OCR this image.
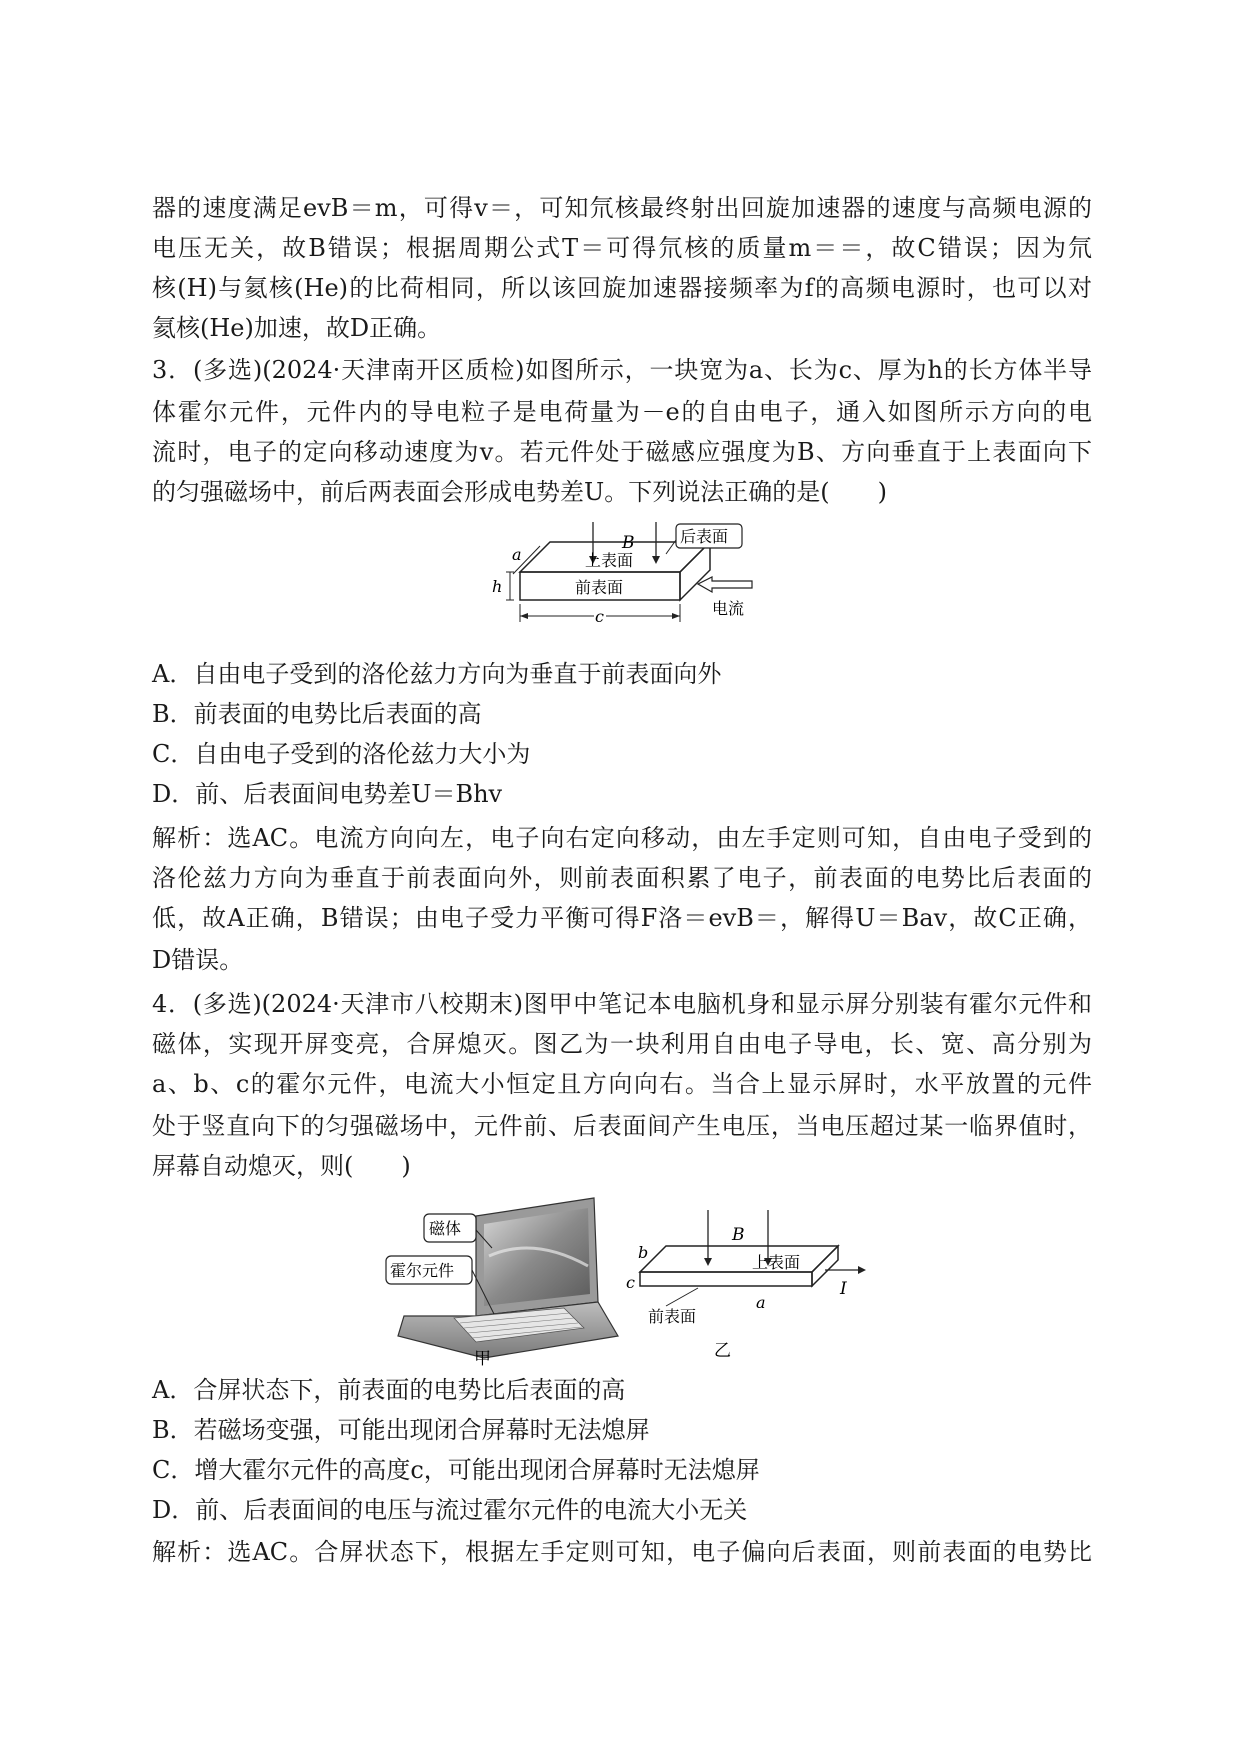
器的速度满足evB＝m，可得v＝，可知氘核最终射出回旋加速器的速度与高频电源的
电压无关，故B错误；根据周期公式T＝可得氘核的质量m＝＝，故C错误；因为氘
核(H)与氦核(He)的比荷相同，所以该回旋加速器接频率为f的高频电源时，也可以对
氦核(He)加速，故D正确。
3．(多选)(2024·天津南开区质检)如图所示，一块宽为a、长为c、厚为h的长方体半导
体霍尔元件，元件内的导电粒子是电荷量为－e的自由电子，通入如图所示方向的电
流时，电子的定向移动速度为v。若元件处于磁感应强度为B、方向垂直于上表面向下
的匀强磁场中，前后两表面会形成电势差U。下列说法正确的是(　　)
B	后表面
上表面
前表面
电流
a
h
c
A．自由电子受到的洛伦兹力方向为垂直于前表面向外
B．前表面的电势比后表面的高
C．自由电子受到的洛伦兹力大小为
D．前、后表面间电势差U＝Bhv
解析：选AC。电流方向向左，电子向右定向移动，由左手定则可知，自由电子受到的
洛伦兹力方向为垂直于前表面向外，则前表面积累了电子，前表面的电势比后表面的
低，故A正确，B错误；由电子受力平衡可得F洛＝evB＝，解得U＝Bav，故C正确，
D错误。
4．(多选)(2024·天津市八校期末)图甲中笔记本电脑机身和显示屏分别装有霍尔元件和
磁体，实现开屏变亮，合屏熄灭。图乙为一块利用自由电子导电，长、宽、高分别为
a、b、c的霍尔元件，电流大小恒定且方向向右。当合上显示屏时，水平放置的元件
处于竖直向下的匀强磁场中，元件前、后表面间产生电压，当电压超过某一临界值时，
屏幕自动熄灭，则(　　)
磁体
霍尔元件
甲
B
上表面
I
b
c
前表面
a
乙
A．合屏状态下，前表面的电势比后表面的高
B．若磁场变强，可能出现闭合屏幕时无法熄屏
C．增大霍尔元件的高度c，可能出现闭合屏幕时无法熄屏
D．前、后表面间的电压与流过霍尔元件的电流大小无关
解析：选AC。合屏状态下，根据左手定则可知，电子偏向后表面，则前表面的电势比
